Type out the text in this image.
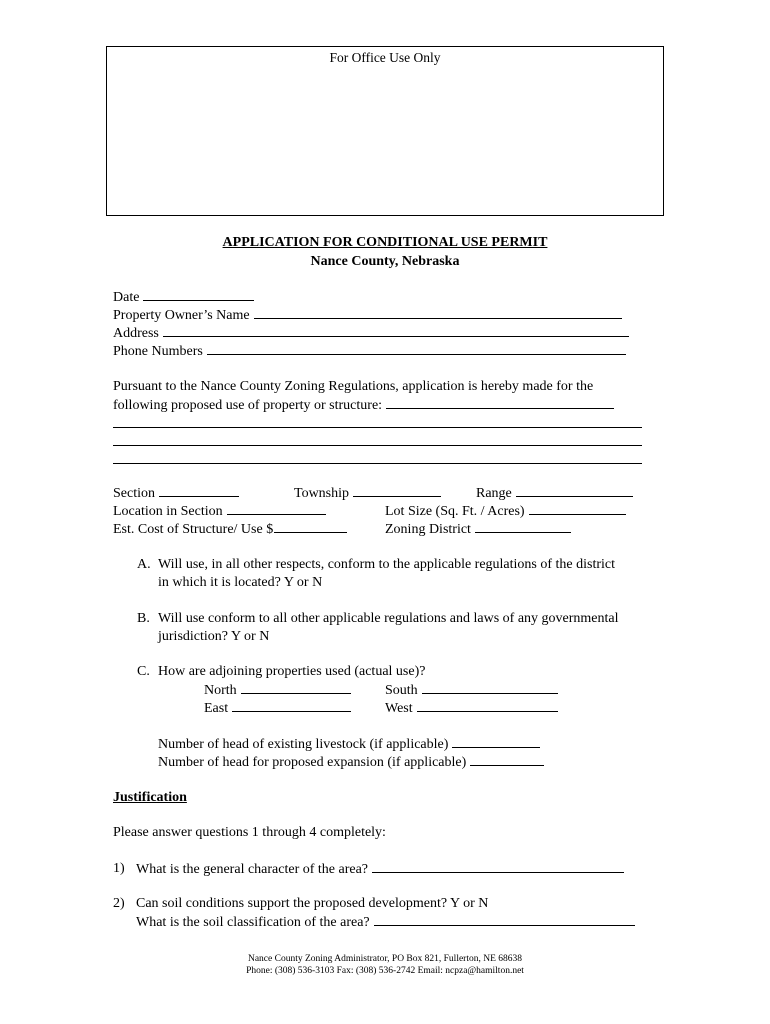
For Office Use Only
APPLICATION FOR CONDITIONAL USE PERMIT
Nance County, Nebraska
Date
Property Owner’s Name
Address
Phone Numbers
Pursuant to the Nance County Zoning Regulations, application is hereby made for the
following proposed use of property or structure:
Section	Township	Range
Location in Section	Lot Size (Sq. Ft. / Acres)
Est. Cost of Structure/ Use $	Zoning District
A. Will use, in all other respects, conform to the applicable regulations of the district
in which it is located? Y or N
B. Will use conform to all other applicable regulations and laws of any governmental
jurisdiction? Y or N
C. How are adjoining properties used (actual use)?
North	South
East	West
Number of head of existing livestock (if applicable)
Number of head for proposed expansion (if applicable)
Justification
Please answer questions 1 through 4 completely:
1) What is the general character of the area?
2) Can soil conditions support the proposed development? Y or N
What is the soil classification of the area?
Nance County Zoning Administrator, PO Box 821, Fullerton, NE 68638
Phone: (308) 536-3103 Fax: (308) 536-2742 Email: ncpza@hamilton.net
